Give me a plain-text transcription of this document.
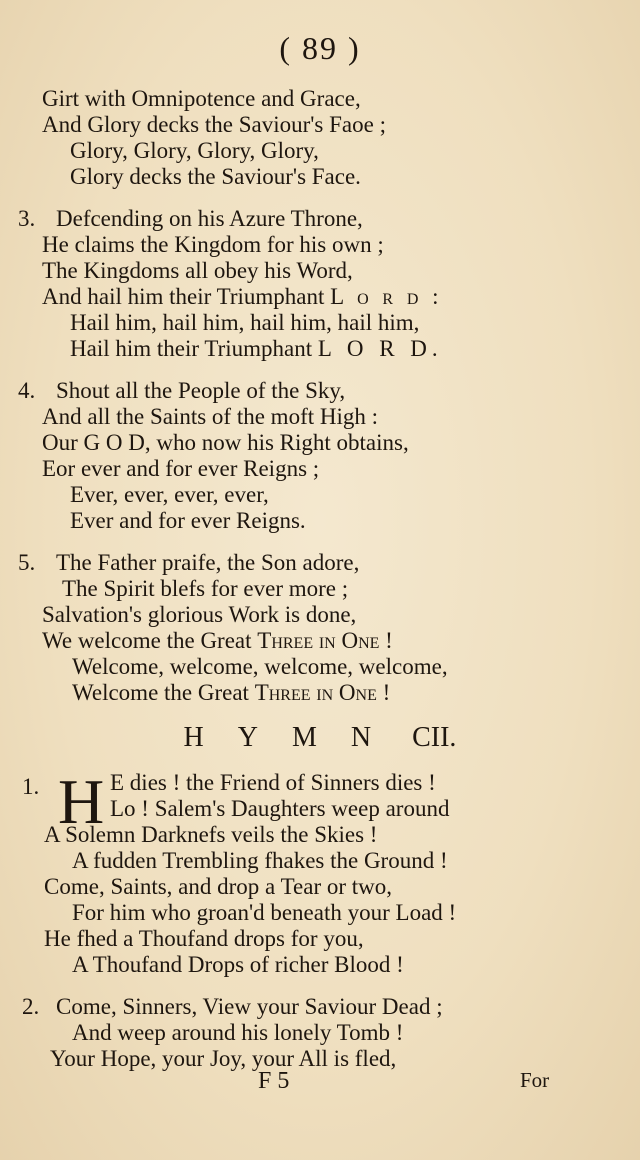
( 89 )
Girt with Omnipotence and Grace,
And Glory decks the Saviour's Faoe ;
Glory, Glory, Glory, Glory,
Glory decks the Saviour's Face.
3. Defcending on his Azure Throne,
He claims the Kingdom for his own ;
The Kingdoms all obey his Word,
And hail him their Triumphant L o r d :
Hail him, hail him, hail him, hail him,
Hail him their Triumphant L O R D.
4. Shout all the People of the Sky,
And all the Saints of the moft High :
Our G O D, who now his Right obtains,
Eor ever and for ever Reigns ;
Ever, ever, ever, ever,
Ever and for ever Reigns.
5. The Father praife, the Son adore,
The Spirit blefs for ever more ;
Salvation's glorious Work is done,
We welcome the Great Three in One !
Welcome, welcome, welcome, welcome,
Welcome the Great Three in One !
HYMN CII.
1. H E dies ! the Friend of Sinners dies !
Lo ! Salem's Daughters weep around
A Solemn Darknefs veils the Skies !
A fudden Trembling fhakes the Ground !
Come, Saints, and drop a Tear or two,
For him who groan'd beneath your Load !
He fhed a Thoufand drops for you,
A Thoufand Drops of richer Blood !
2. Come, Sinners, View your Saviour Dead ;
And weep around his lonely Tomb !
Your Hope, your Joy, your All is fled,
F 5	For
